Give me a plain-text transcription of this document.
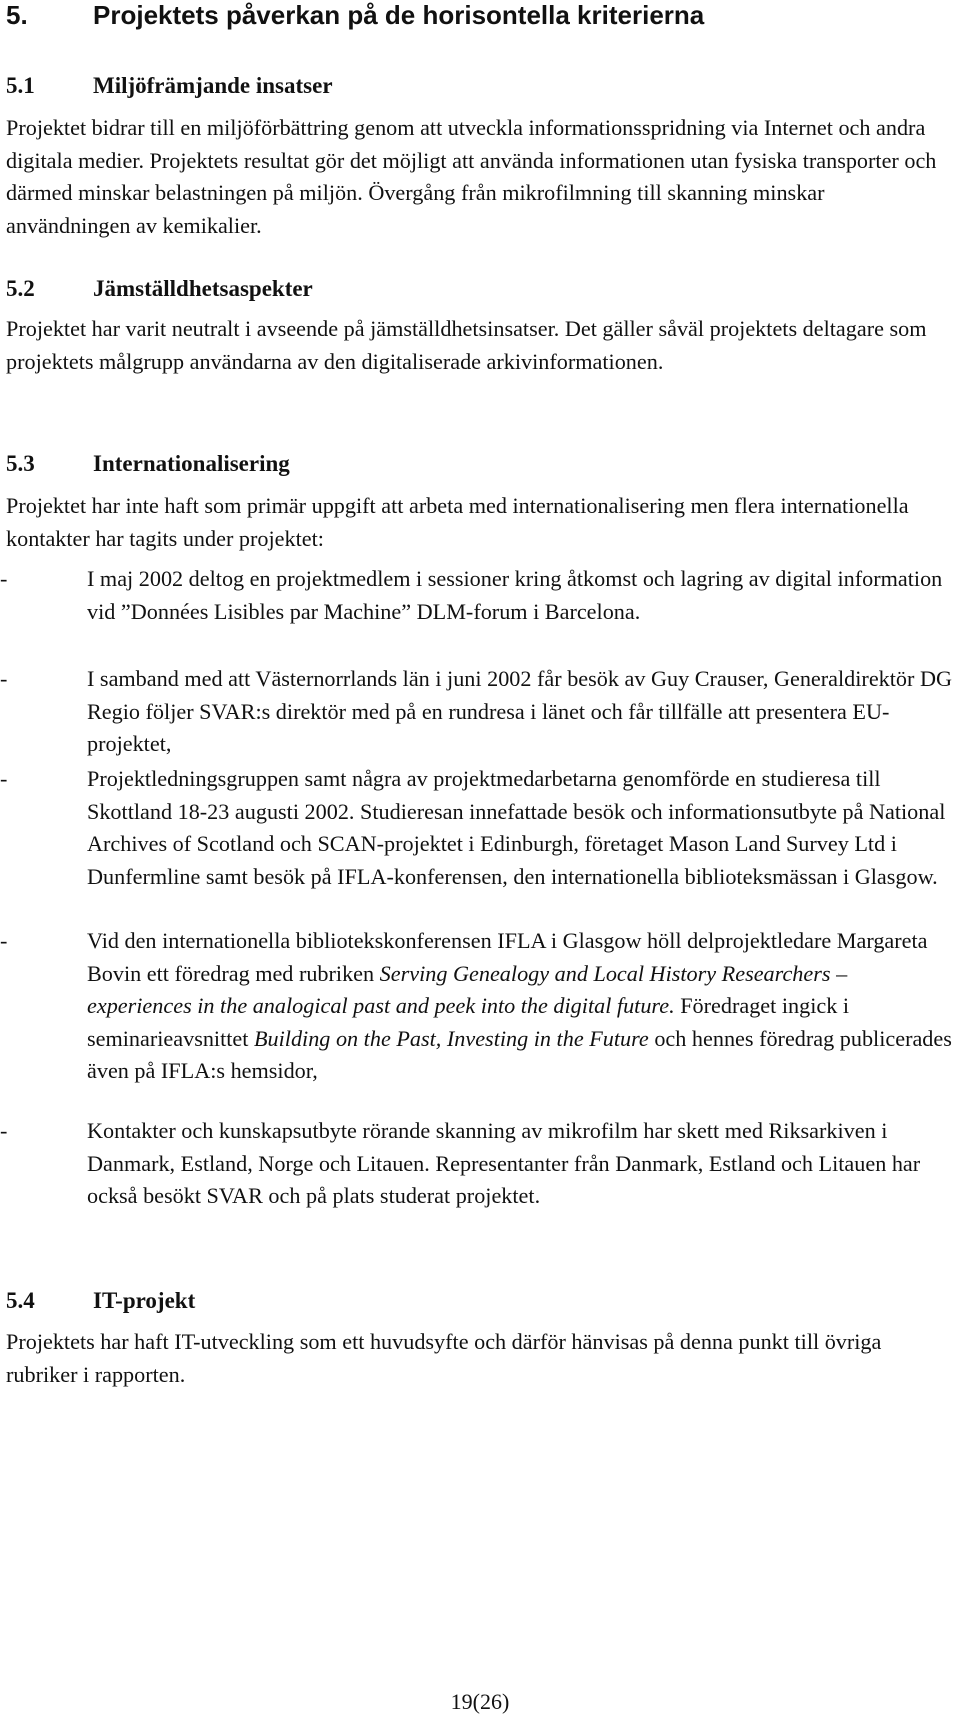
5.	Projektets påverkan på de horisontella kriterierna
5.1	Miljöfrämjande insatser

Projektet bidrar till en miljöförbättring genom att utveckla informationsspridning via Internet och andra digitala medier. Projektets resultat gör det möjligt att använda informationen utan fysiska transporter och därmed minskar belastningen på miljön. Övergång från mikrofilmning till skanning minskar användningen av kemikalier.

5.2	Jämställdhetsaspekter

Projektet har varit neutralt i avseende på jämställdhetsinsatser. Det gäller såväl projektets deltagare som projektets målgrupp användarna av den digitaliserade arkivinformationen.

5.3	Internationalisering

Projektet har inte haft som primär uppgift att arbeta med internationalisering men flera internationella kontakter har tagits under projektet:

-	I maj 2002 deltog en projektmedlem i sessioner kring åtkomst och lagring av digital information vid ”Données Lisibles par Machine” DLM-forum i Barcelona.
-	I samband med att Västernorrlands län i juni 2002 får besök av Guy Crauser, Generaldirektör DG Regio följer SVAR:s direktör med på en rundresa i länet och får tillfälle att presentera EU-projektet,
-	Projektledningsgruppen samt några av projektmedarbetarna genomförde en studieresa till Skottland 18-23 augusti 2002. Studieresan innefattade besök och informationsutbyte på National Archives of Scotland och SCAN-projektet i Edinburgh, företaget Mason Land Survey Ltd i Dunfermline samt besök på IFLA-konferensen, den internationella biblioteksmässan i Glasgow.
-	Vid den internationella bibliotekskonferensen IFLA i Glasgow höll delprojektledare Margareta Bovin ett föredrag med rubriken Serving Genealogy and Local History Researchers – experiences in the analogical past and peek into the digital future. Föredraget ingick i seminarieavsnittet Building on the Past, Investing in the Future och hennes föredrag publicerades även på IFLA:s hemsidor,
-	Kontakter och kunskapsutbyte rörande skanning av mikrofilm har skett med Riksarkiven i Danmark, Estland, Norge och Litauen. Representanter från Danmark, Estland och Litauen har också besökt SVAR och på plats studerat projektet.
5.4	IT-projekt

Projektets har haft IT-utveckling som ett huvudsyfte och därför hänvisas på denna punkt till övriga rubriker i rapporten.

19(26)
